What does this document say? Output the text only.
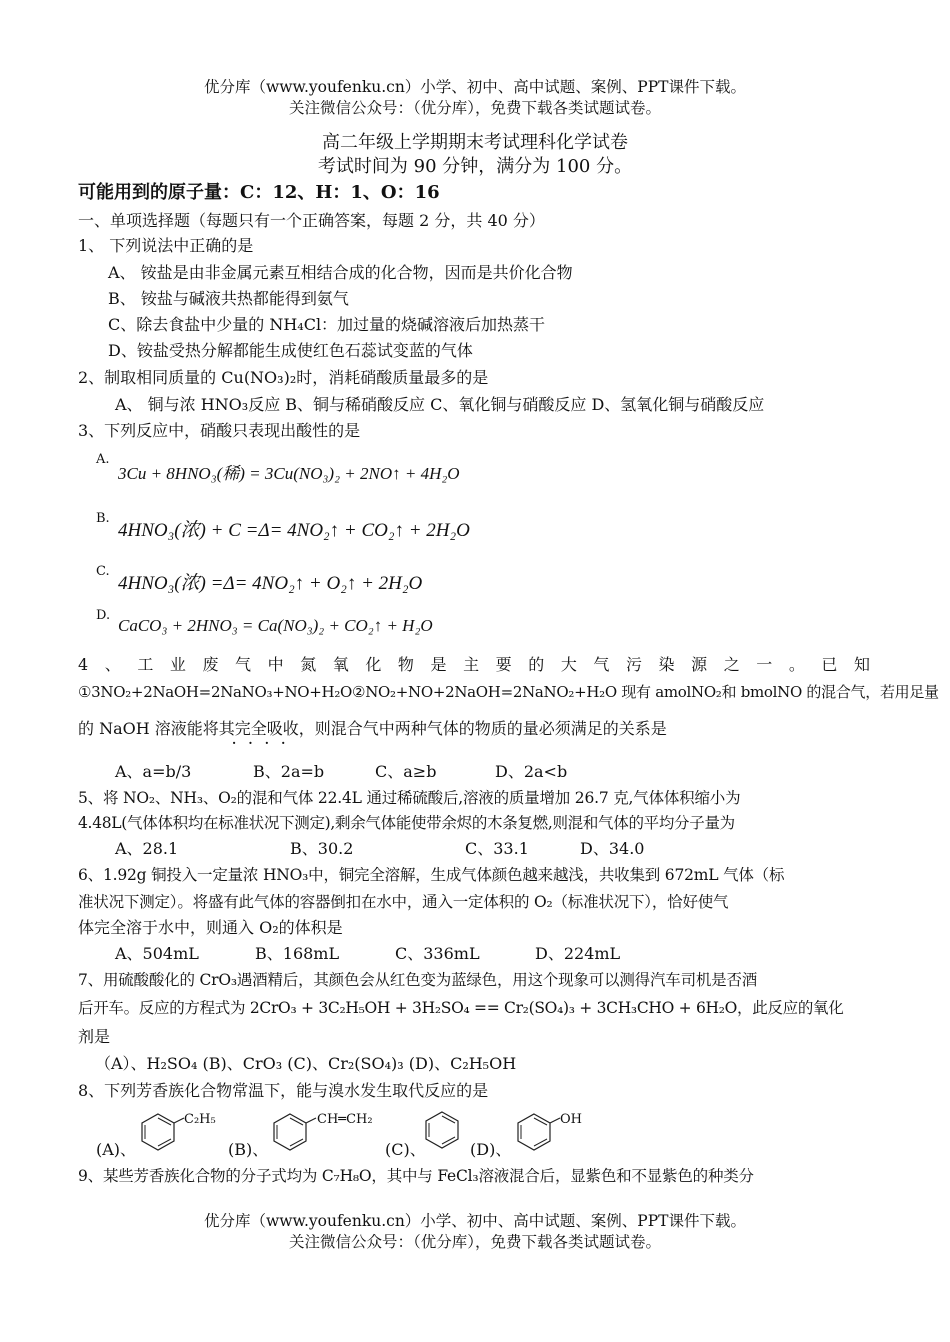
优分库（www.youfenku.cn）小学、初中、高中试题、案例、PPT课件下载。
关注微信公众号：（优分库），免费下载各类试题试卷。
高二年级上学期期末考试理科化学试卷
考试时间为 90 分钟，满分为 100 分。
可能用到的原子量：C：12、H：1、O：16
一、单项选择题（每题只有一个正确答案，每题 2 分，共 40 分）
1、 下列说法中正确的是
A、 铵盐是由非金属元素互相结合成的化合物，因而是共价化合物
B、 铵盐与碱液共热都能得到氨气
C、除去食盐中少量的 NH₄Cl：加过量的烧碱溶液后加热蒸干
D、铵盐受热分解都能生成使红色石蕊试变蓝的气体
2、制取相同质量的 Cu(NO₃)₂时，消耗硝酸质量最多的是
A、 铜与浓 HNO₃反应 B、铜与稀硝酸反应 C、氧化铜与硝酸反应 D、氢氧化铜与硝酸反应
3、下列反应中，硝酸只表现出酸性的是
A.
3Cu + 8HNO₃(稀) = 3Cu(NO₃)₂ + 2NO↑ + 4H₂O
B.
4HNO₃(浓) + C =Δ= 4NO₂↑ + CO₂↑ + 2H₂O
C.
4HNO₃(浓) =Δ= 4NO₂↑ + O₂↑ + 2H₂O
D.
CaCO₃ + 2HNO₃ = Ca(NO₃)₂ + CO₂↑ + H₂O
4、工业废气中氮氧化物是主要的大气污染源之一。已知
①3NO₂+2NaOH=2NaNO₃+NO+H₂O②NO₂+NO+2NaOH=2NaNO₂+H₂O 现有 amolNO₂和 bmolNO 的混合气，若用足量
的 NaOH 溶液能将其完全吸收，则混合气中两种气体的物质的量必须满足的关系是
· · · ·
A、a=b/3	B、2a=b	C、a≥b	D、2a<b
5、将 NO₂、NH₃、O₂的混和气体 22.4L 通过稀硫酸后,溶液的质量增加 26.7 克,气体体积缩小为
4.48L(气体体积均在标准状况下测定),剩余气体能使带余烬的木条复燃,则混和气体的平均分子量为
A、28.1	B、30.2	C、33.1	D、34.0
6、1.92g 铜投入一定量浓 HNO₃中，铜完全溶解，生成气体颜色越来越浅，共收集到 672mL 气体（标
准状况下测定）。将盛有此气体的容器倒扣在水中，通入一定体积的 O₂（标准状况下），恰好使气
体完全溶于水中，则通入 O₂的体积是
A、504mL	B、168mL	C、336mL	D、224mL
7、用硫酸酸化的 CrO₃遇酒精后，其颜色会从红色变为蓝绿色，用这个现象可以测得汽车司机是否酒
后开车。反应的方程式为 2CrO₃ + 3C₂H₅OH + 3H₂SO₄ == Cr₂(SO₄)₃ + 3CH₃CHO + 6H₂O，此反应的氧化
剂是
（A）、H₂SO₄ (B)、CrO₃ (C)、Cr₂(SO₄)₃ (D)、C₂H₅OH
8、下列芳香族化合物常温下，能与溴水发生取代反应的是
(A)、
C₂H₅
(B)、
CH═CH₂
(C)、	(D)、
OH
9、某些芳香族化合物的分子式均为 C₇H₈O，其中与 FeCl₃溶液混合后，显紫色和不显紫色的种类分
优分库（www.youfenku.cn）小学、初中、高中试题、案例、PPT课件下载。
关注微信公众号：（优分库），免费下载各类试题试卷。
